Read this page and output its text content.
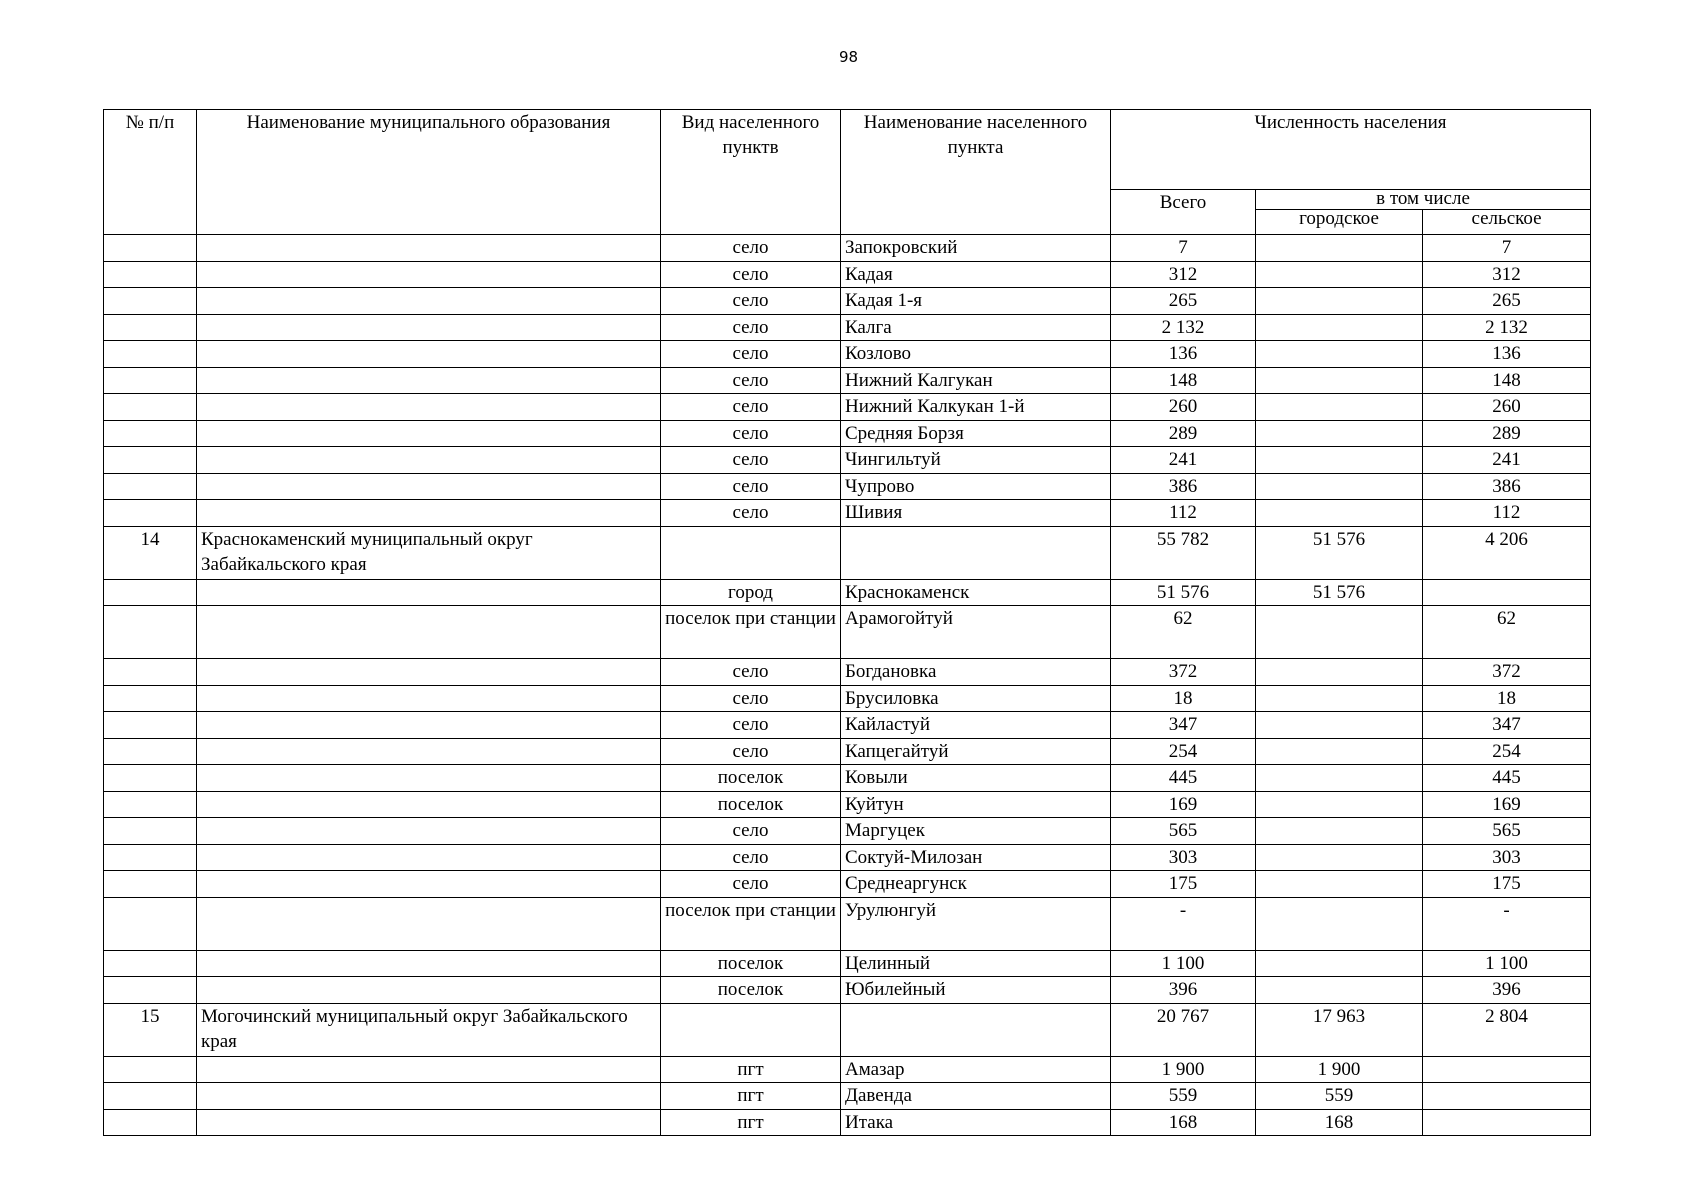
98
№ п/п	Наименование муниципального образования	Вид населенного пунктв	Наименование населенного пункта	Численность населения		
				Всего	в том числе	
					городское	сельское
		село	Запокровский	7		7
		село	Кадая	312		312
		село	Кадая 1-я	265		265
		село	Калга	2 132		2 132
		село	Козлово	136		136
		село	Нижний Калгукан	148		148
		село	Нижний Калкукан 1-й	260		260
		село	Средняя Борзя	289		289
		село	Чингильтуй	241		241
		село	Чупрово	386		386
		село	Шивия	112		112
14	Краснокаменский муниципальный округ Забайкальского края			55 782	51 576	4 206
		город	Краснокаменск	51 576	51 576	
		поселок при станции	Арамогойтуй	62		62
		село	Богдановка	372		372
		село	Брусиловка	18		18
		село	Кайластуй	347		347
		село	Капцегайтуй	254		254
		поселок	Ковыли	445		445
		поселок	Куйтун	169		169
		село	Маргуцек	565		565
		село	Соктуй-Милозан	303		303
		село	Среднеаргунск	175		175
		поселок при станции	Урулюнгуй	-		-
		поселок	Целинный	1 100		1 100
		поселок	Юбилейный	396		396
15	Могочинский муниципальный округ Забайкальского края			20 767	17 963	2 804
		пгт	Амазар	1 900	1 900	
		пгт	Давенда	559	559	
		пгт	Итака	168	168	
